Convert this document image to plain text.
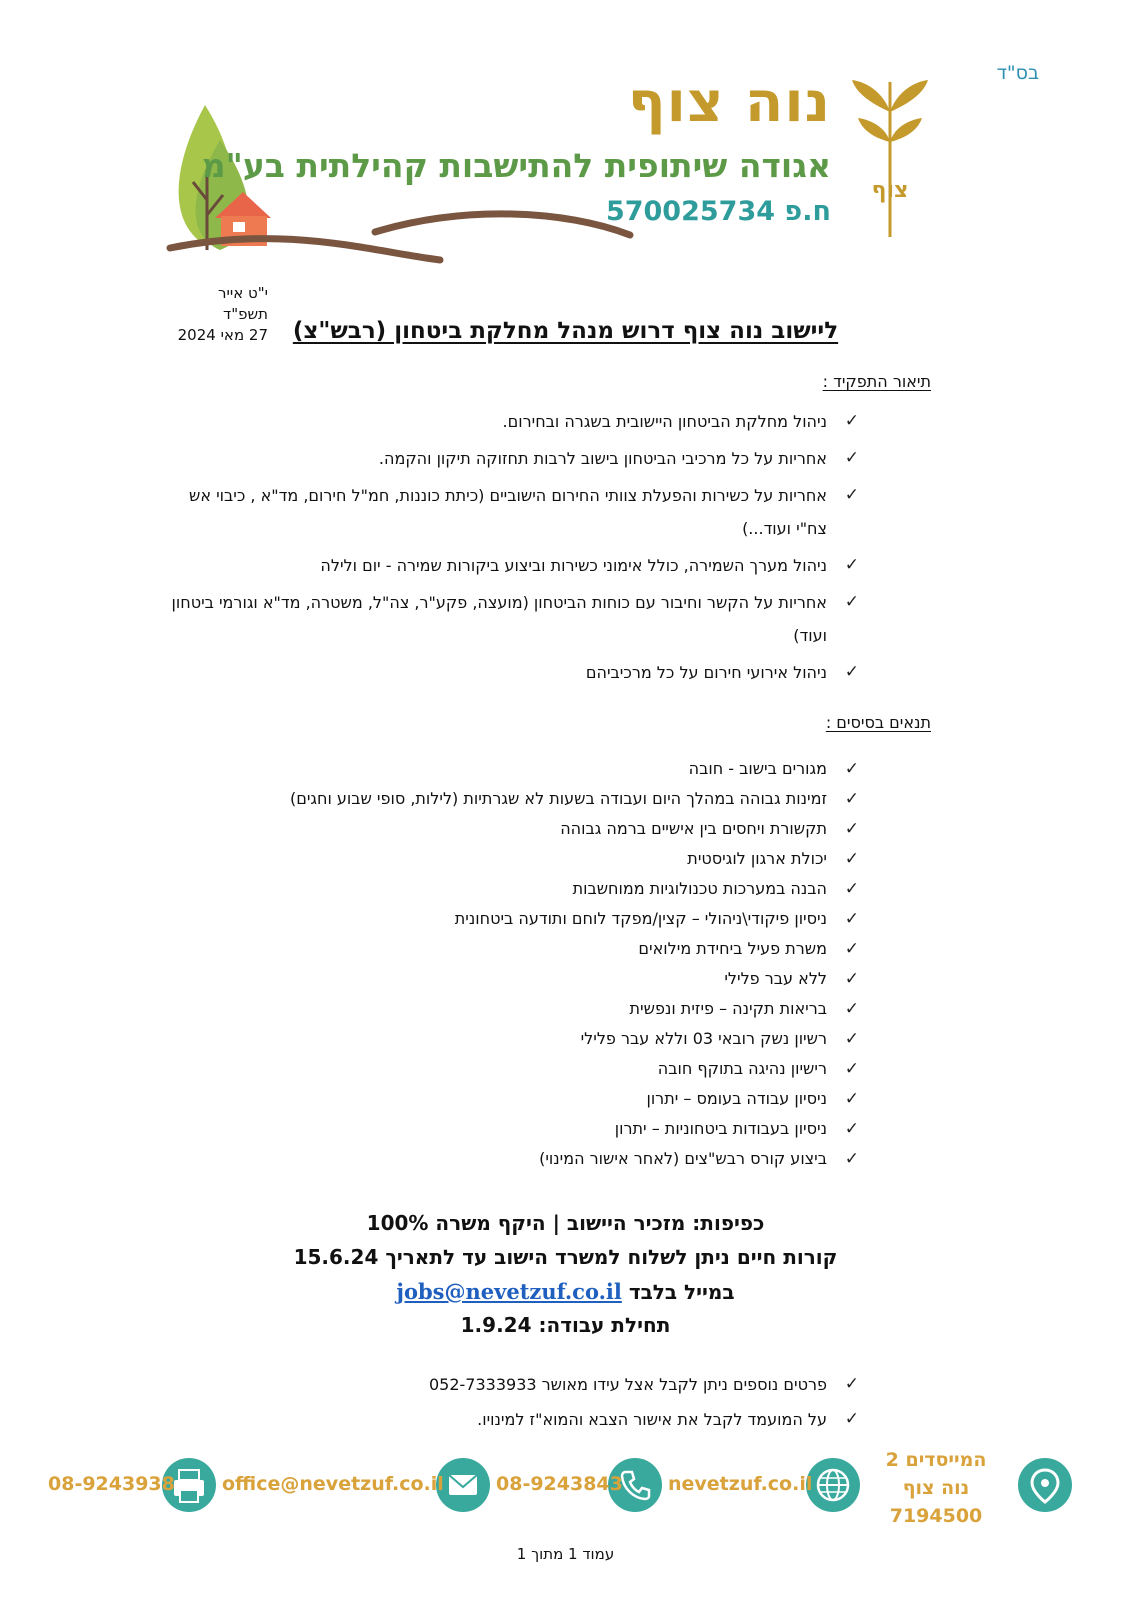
בס"ד
נוה צוף
אגודה שיתופית להתישבות קהילתית בע"מ
ח.פ 570025734
צוף
י"ט אייר תשפ"ד
27 מאי 2024	ליישוב נוה צוף דרוש מנהל מחלקת ביטחון (רבש"צ)
תיאור התפקיד :
✓
ניהול מחלקת הביטחון היישובית בשגרה ובחירום.
✓
אחריות על כל מרכיבי הביטחון בישוב לרבות תחזוקה תיקון והקמה.
✓
אחריות על כשירות והפעלת צוותי החירום הישוביים (כיתת כוננות, חמ"ל חירום, מד"א , כיבוי אש צח"י ועוד...)
✓
ניהול מערך השמירה, כולל אימוני כשירות וביצוע ביקורות שמירה - יום ולילה
✓
אחריות על הקשר וחיבור עם כוחות הביטחון (מועצה, פקע"ר, צה"ל, משטרה, מד"א וגורמי ביטחון ועוד)
✓
ניהול אירועי חירום על כל מרכיביהם
תנאים בסיסים :
✓
מגורים בישוב - חובה
✓
זמינות גבוהה במהלך היום ועבודה בשעות לא שגרתיות (לילות, סופי שבוע וחגים)
✓
תקשורת ויחסים בין אישיים ברמה גבוהה
✓
יכולת ארגון לוגיסטית
✓
הבנה במערכות טכנולוגיות ממוחשבות
✓
ניסיון פיקודי\ניהולי – קצין/מפקד לוחם ותודעה ביטחונית
✓
משרת פעיל ביחידת מילואים
✓
ללא עבר פלילי
✓
בריאות תקינה – פיזית ונפשית
✓
רשיון נשק רובאי 03 וללא עבר פלילי
✓
רישיון נהיגה בתוקף חובה
✓
ניסיון עבודה בעומס – יתרון
✓
ניסיון בעבודות ביטחוניות – יתרון
✓
ביצוע קורס רבש"צים (לאחר אישור המינוי)
כפיפות: מזכיר היישוב | היקף משרה 100%
קורות חיים ניתן לשלוח למשרד הישוב עד לתאריך 15.6.24
במייל בלבד jobs@nevetzuf.co.il
תחילת עבודה: 1.9.24
✓
פרטים נוספים ניתן לקבל אצל עידו מאושר 052-7333933
✓
על המועמד לקבל את אישור הצבא והמוא"ז למינויו.
המייסדים 2
נוה צוף 7194500
nevetzuf.co.il
08-9243843
office@nevetzuf.co.il
08-9243938
עמוד 1 מתוך 1
